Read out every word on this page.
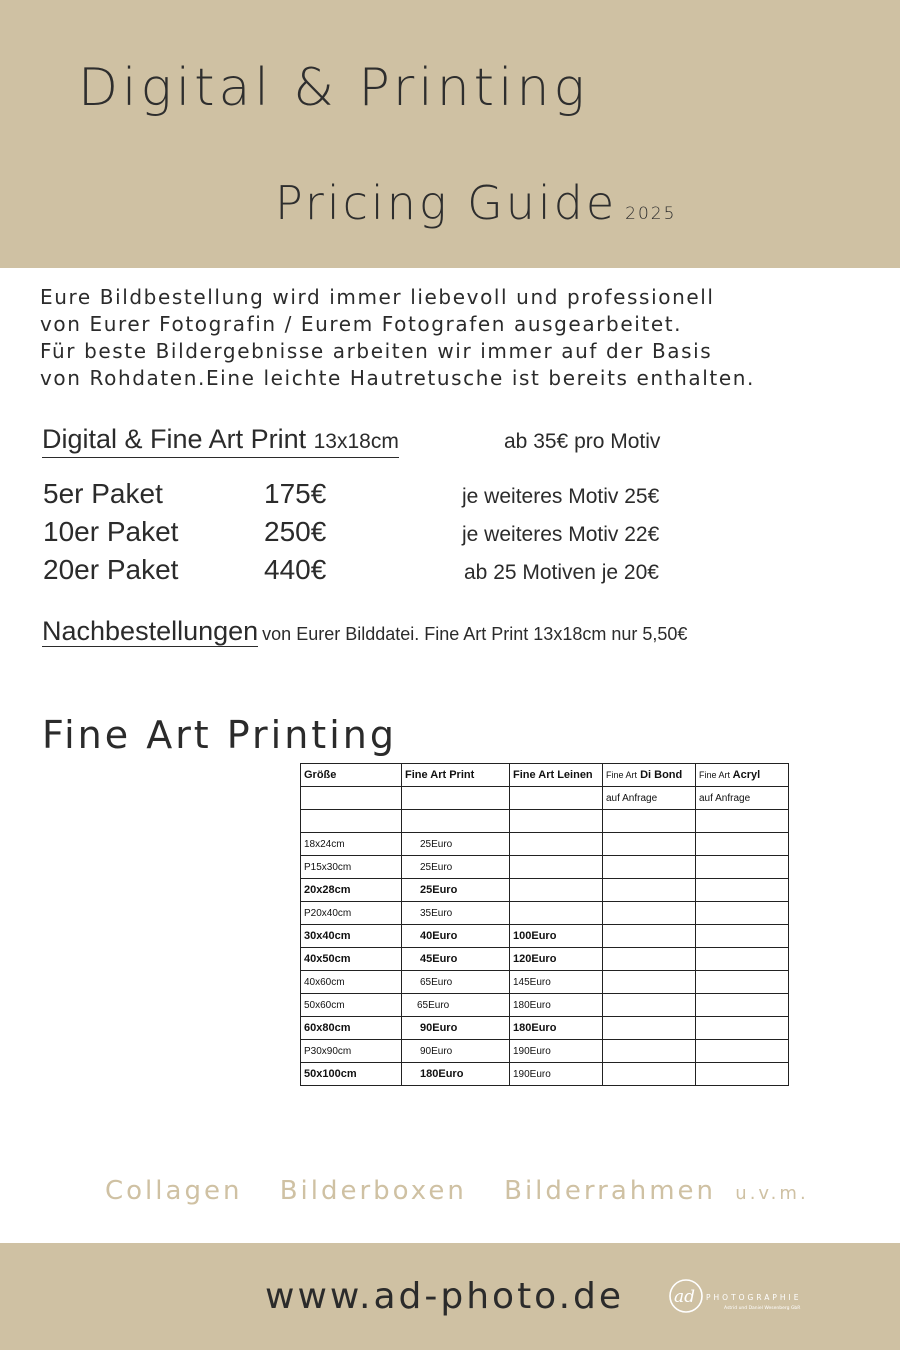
Digital & Printing
Pricing Guide 2025
Eure Bildbestellung wird immer liebevoll und professionell
von Eurer Fotografin / Eurem Fotografen ausgearbeitet.
Für beste Bildergebnisse arbeiten wir immer auf der Basis
von Rohdaten.Eine leichte Hautretusche ist bereits enthalten.
Digital & Fine Art Print 13x18cm	ab 35€ pro Motiv
5er Paket	175€	je weiteres Motiv 25€
10er Paket	250€	je weiteres Motiv 22€
20er Paket	440€	ab 25 Motiven je 20€
Nachbestellungen von Eurer Bilddatei. Fine Art Print 13x18cm nur 5,50€
Fine Art Printing
Größe	Fine Art Print	Fine Art Leinen	Fine Art Di Bond	Fine Art Acryl
			auf Anfrage	auf Anfrage

18x24cm	25Euro			
P15x30cm	25Euro			
20x28cm	25Euro			
P20x40cm	35Euro			
30x40cm	40Euro	100Euro		
40x50cm	45Euro	120Euro		
40x60cm	65Euro	145Euro		
50x60cm	65Euro	180Euro		
60x80cm	90Euro	180Euro		
P30x90cm	90Euro	190Euro		
50x100cm	180Euro	190Euro		
Collagen Bilderboxen Bilderrahmen u.v.m.
www.ad-photo.de	ad PHOTOGRAPHIE
Astrid und Daniel Wesenberg GbR
